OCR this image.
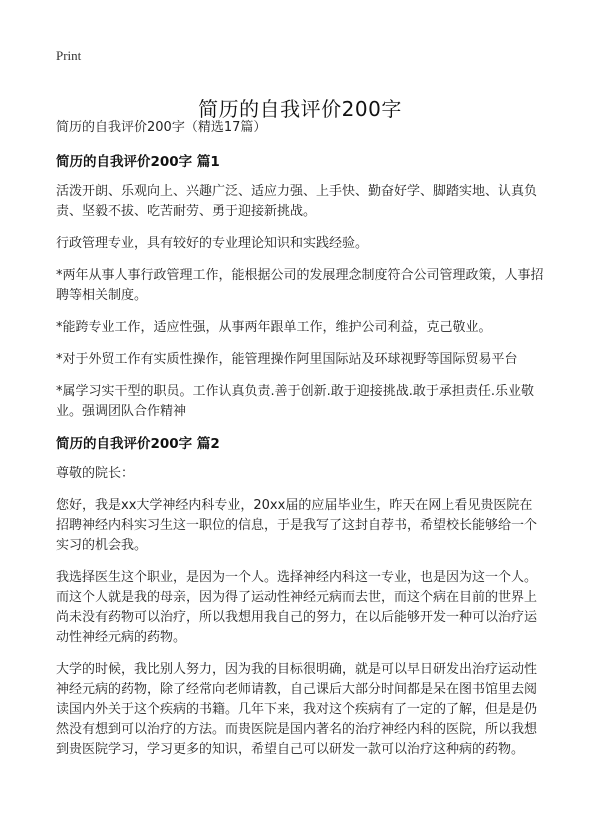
Print
简历的自我评价200字

简历的自我评价200字（精选17篇）

简历的自我评价200字 篇1

活泼开朗、乐观向上、兴趣广泛、适应力强、上手快、勤奋好学、脚踏实地、认真负责、坚毅不拔、吃苦耐劳、勇于迎接新挑战。

行政管理专业，具有较好的专业理论知识和实践经验。

*两年从事人事行政管理工作，能根据公司的发展理念制度符合公司管理政策，人事招聘等相关制度。

*能跨专业工作，适应性强，从事两年跟单工作，维护公司利益，克己敬业。

*对于外贸工作有实质性操作，能管理操作阿里国际站及环球视野等国际贸易平台

*属学习实干型的职员。工作认真负责.善于创新.敢于迎接挑战.敢于承担责任.乐业敬业。强调团队合作精神

简历的自我评价200字 篇2

尊敬的院长：

您好，我是xx大学神经内科专业，20xx届的应届毕业生，昨天在网上看见贵医院在招聘神经内科实习生这一职位的信息，于是我写了这封自荐书，希望校长能够给一个实习的机会我。

我选择医生这个职业，是因为一个人。选择神经内科这一专业，也是因为这一个人。而这个人就是我的母亲，因为得了运动性神经元病而去世，而这个病在目前的世界上尚未没有药物可以治疗，所以我想用我自己的努力，在以后能够开发一种可以治疗运动性神经元病的药物。

大学的时候，我比别人努力，因为我的目标很明确，就是可以早日研发出治疗运动性神经元病的药物，除了经常向老师请教，自己课后大部分时间都是呆在图书馆里去阅读国内外关于这个疾病的书籍。几年下来，我对这个疾病有了一定的了解，但是是仍然没有想到可以治疗的方法。而贵医院是国内著名的治疗神经内科的医院，所以我想到贵医院学习，学习更多的知识，希望自己可以研发一款可以治疗这种病的药物。
